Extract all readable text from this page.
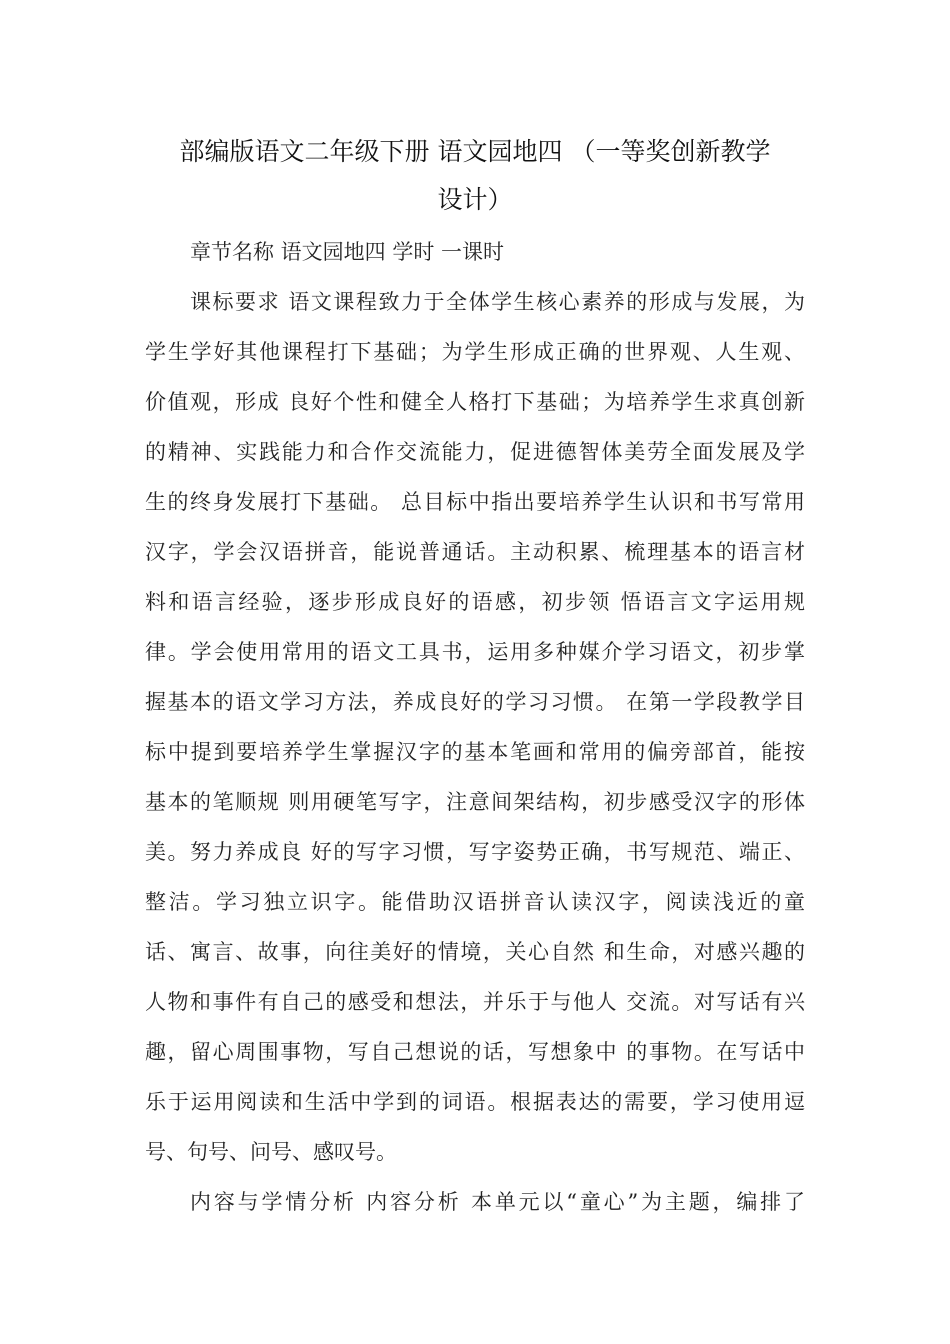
部编版语文二年级下册 语文园地四 （一等奖创新教学
设计）
章节名称 语文园地四 学时 一课时
课标要求 语文课程致力于全体学生核心素养的形成与发展，为
学生学好其他课程打下基础；为学生形成正确的世界观、人生观、
价值观，形成 良好个性和健全人格打下基础；为培养学生求真创新
的精神、实践能力和合作交流能力，促进德智体美劳全面发展及学
生的终身发展打下基础。 总目标中指出要培养学生认识和书写常用
汉字，学会汉语拼音，能说普通话。主动积累、梳理基本的语言材
料和语言经验，逐步形成良好的语感，初步领 悟语言文字运用规
律。学会使用常用的语文工具书，运用多种媒介学习语文，初步掌
握基本的语文学习方法，养成良好的学习习惯。 在第一学段教学目
标中提到要培养学生掌握汉字的基本笔画和常用的偏旁部首，能按
基本的笔顺规 则用硬笔写字，注意间架结构，初步感受汉字的形体
美。努力养成良 好的写字习惯，写字姿势正确，书写规范、端正、
整洁。学习独立识字。能借助汉语拼音认读汉字，阅读浅近的童
话、寓言、故事，向往美好的情境，关心自然 和生命，对感兴趣的
人物和事件有自己的感受和想法，并乐于与他人 交流。对写话有兴
趣，留心周围事物，写自己想说的话，写想象中 的事物。在写话中
乐于运用阅读和生活中学到的词语。根据表达的需要，学习使用逗
号、句号、问号、感叹号。
内容与学情分析 内容分析 本单元以“童心”为主题，编排了
